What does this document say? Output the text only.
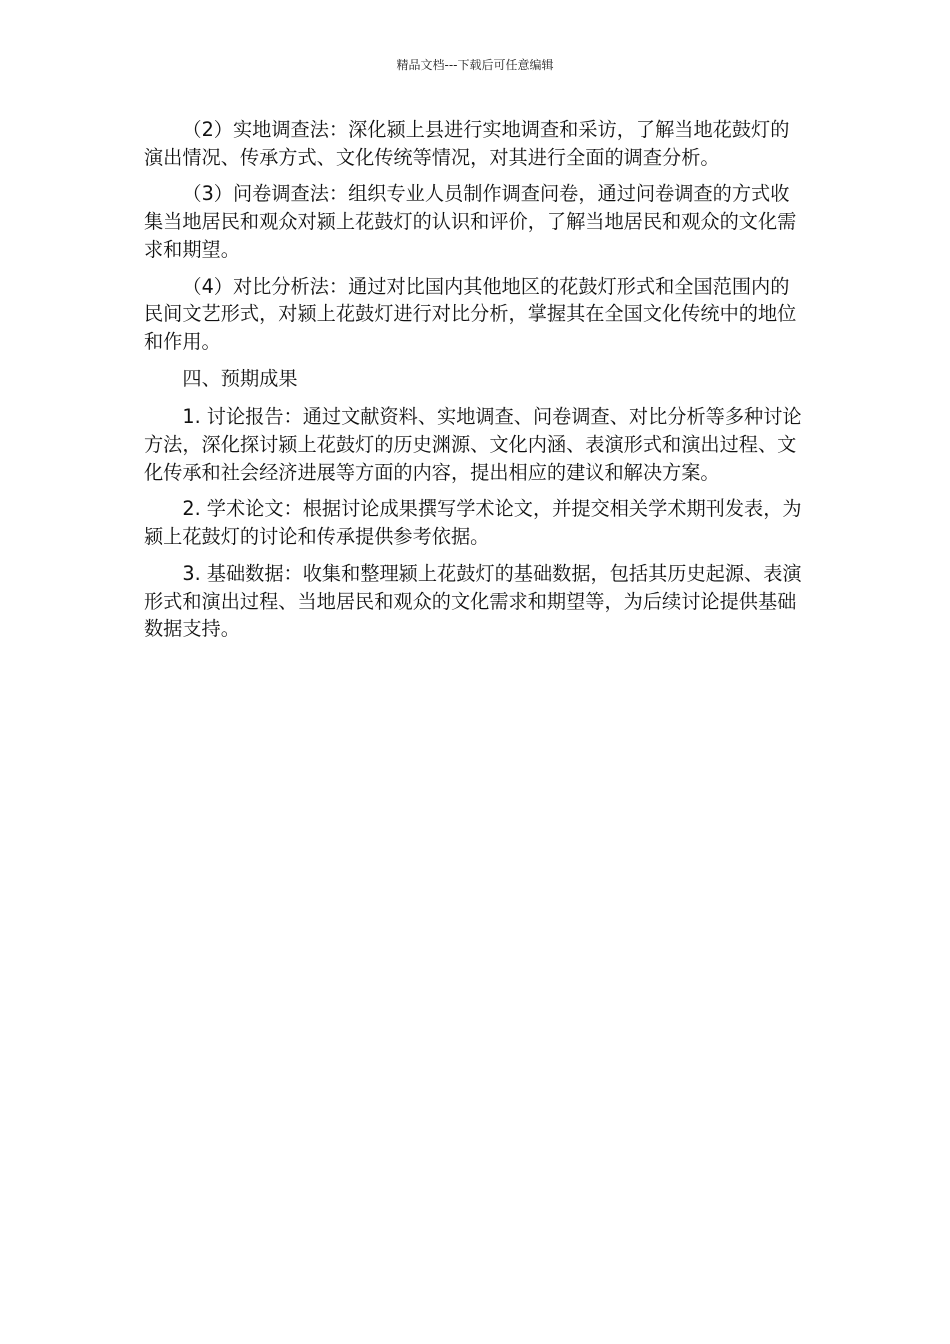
精品文档---下载后可任意编辑

（2）实地调查法：深化颍上县进行实地调查和采访，了解当地花鼓灯的演出情况、传承方式、文化传统等情况，对其进行全面的调查分析。

（3）问卷调查法：组织专业人员制作调查问卷，通过问卷调查的方式收集当地居民和观众对颍上花鼓灯的认识和评价，了解当地居民和观众的文化需求和期望。

（4）对比分析法：通过对比国内其他地区的花鼓灯形式和全国范围内的民间文艺形式，对颍上花鼓灯进行对比分析，掌握其在全国文化传统中的地位和作用。

四、预期成果

1. 讨论报告：通过文献资料、实地调查、问卷调查、对比分析等多种讨论方法，深化探讨颍上花鼓灯的历史渊源、文化内涵、表演形式和演出过程、文化传承和社会经济进展等方面的内容，提出相应的建议和解决方案。

2. 学术论文：根据讨论成果撰写学术论文，并提交相关学术期刊发表，为颍上花鼓灯的讨论和传承提供参考依据。

3. 基础数据：收集和整理颍上花鼓灯的基础数据，包括其历史起源、表演形式和演出过程、当地居民和观众的文化需求和期望等，为后续讨论提供基础数据支持。
